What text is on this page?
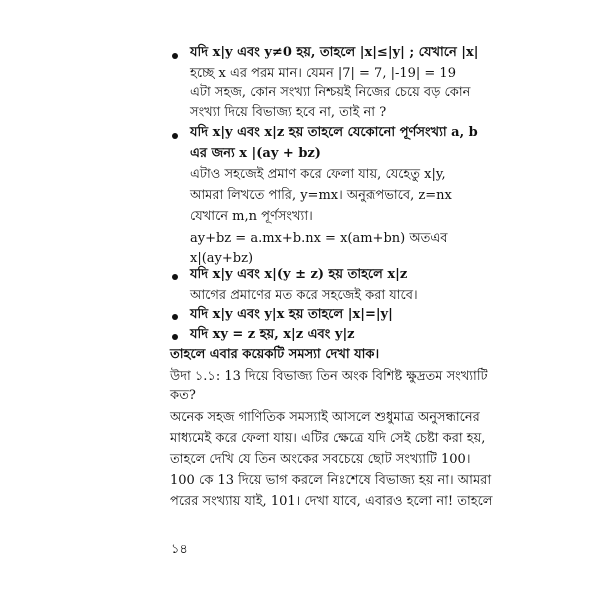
যদি x|y এবং y≠0 হয়, তাহলে |x|≤|y| ; যেখানে |x|
হচ্ছে x এর পরম মান। যেমন |7| = 7, |-19| = 19
এটা সহজ, কোন সংখ্যা নিশ্চয়ই নিজের চেয়ে বড় কোন
সংখ্যা দিয়ে বিভাজ্য হবে না, তাই না ?
যদি x|y এবং x|z হয় তাহলে যেকোনো পূর্ণসংখ্যা a, b
এর জন্য x |(ay + bz)
এটাও সহজেই প্রমাণ করে ফেলা যায়, যেহেতু x|y,
আমরা লিখতে পারি, y=mx। অনুরূপভাবে, z=nx
যেখানে m,n পূর্ণসংখ্যা।
ay+bz = a.mx+b.nx = x(am+bn) অতএব
x|(ay+bz)
যদি x|y এবং x|(y ± z) হয় তাহলে x|z
আগের প্রমাণের মত করে সহজেই করা যাবে।
যদি x|y এবং y|x হয় তাহলে |x|=|y|
যদি xy = z হয়, x|z এবং y|z
তাহলে এবার কয়েকটি সমস্যা দেখা যাক।
উদা ১.১: 13 দিয়ে বিভাজ্য তিন অংক বিশিষ্ট ক্ষুদ্রতম সংখ্যাটি
কত?
অনেক সহজ গাণিতিক সমস্যাই আসলে শুধুমাত্র অনুসন্ধানের
মাধ্যমেই করে ফেলা যায়। এটির ক্ষেত্রে যদি সেই চেষ্টা করা হয়,
তাহলে দেখি যে তিন অংকের সবচেয়ে ছোট সংখ্যাটি 100।
100 কে 13 দিয়ে ভাগ করলে নিঃশেষে বিভাজ্য হয় না। আমরা
পরের সংখ্যায় যাই, 101। দেখা যাবে, এবারও হলো না! তাহলে
১৪
